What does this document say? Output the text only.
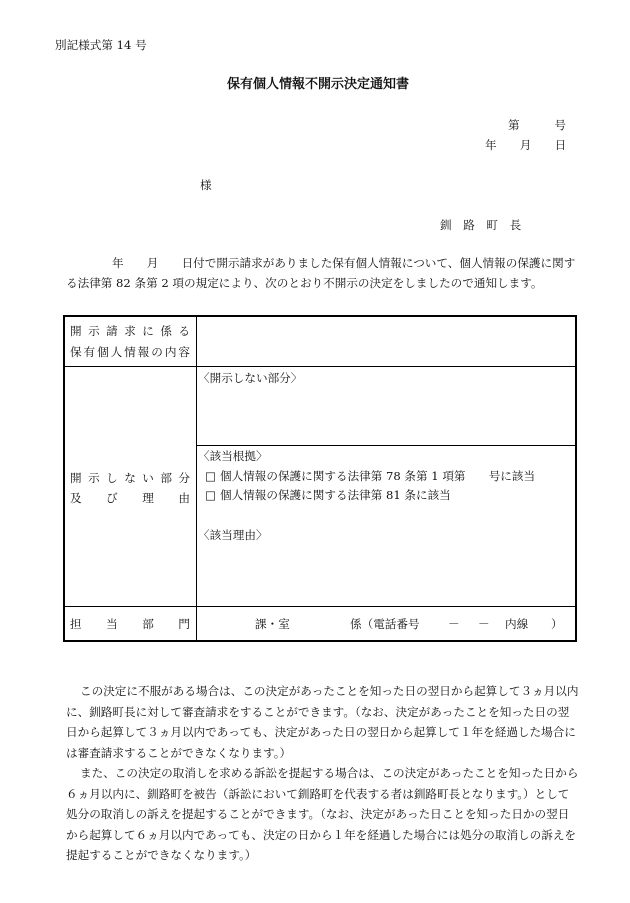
別記様式第 14 号
保有個人情報不開示決定通知書
第　　　号
年　　月　　日
様
釧　路　町　長
年　　月　　日付で開示請求がありました保有個人情報について、個人情報の保護に関す
る法律第 82 条第 2 項の規定により、次のとおり不開示の決定をしましたので通知します。
開 示 請 求 に 係 る
保 有 個 人 情 報 の 内 容
開 示 し な い 部 分
及 び 理 由
〈開示しない部分〉
〈該当根拠〉
□ 個人情報の保護に関する法律第 78 条第 1 項第　　号に該当
□ 個人情報の保護に関する法律第 81 条に該当
〈該当理由〉
担 当 部 門	課・室	係（電話番号 － － 内線 ）
この決定に不服がある場合は、この決定があったことを知った日の翌日から起算して３ヵ月以内
に、釧路町長に対して審査請求をすることができます。（なお、決定があったことを知った日の翌
日から起算して３ヵ月以内であっても、決定があった日の翌日から起算して１年を経過した場合に
は審査請求することができなくなります。）
また、この決定の取消しを求める訴訟を提起する場合は、この決定があったことを知った日から
６ヵ月以内に、釧路町を被告（訴訟において釧路町を代表する者は釧路町長となります。）として
処分の取消しの訴えを提起することができます。（なお、決定があった日ことを知った日かの翌日
から起算して６ヵ月以内であっても、決定の日から１年を経過した場合には処分の取消しの訴えを
提起することができなくなります。）
